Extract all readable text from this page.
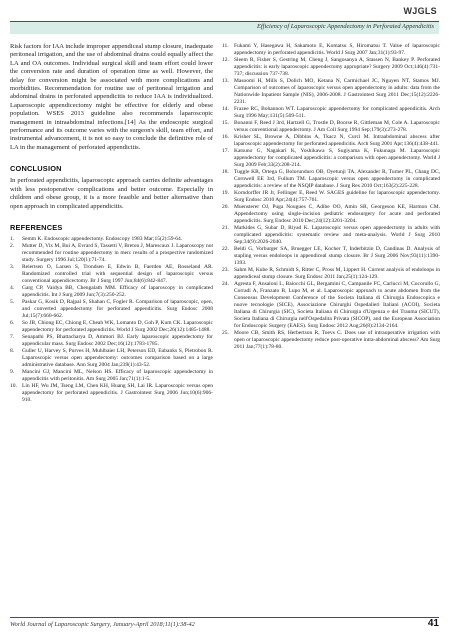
WJGLS
Efficiency of Laparoscopic Appendectomy in Perforated Appendicitis

Risk factors for IAA include improper appendiceal stump closure, inadequate peritoneal irrigation, and the use of abdominal drains could equally affect the LA and OA outcomes. Individual surgical skill and team effort could lower the conversion rate and duration of operation time as well. However, the delay for conversion might be associated with more complications and morbidities. Recommendation for routine use of peritoneal irrigation and abdominal drains in perforated appendicitis to reduce IAA is individualized. Laparoscopic appendicectomy might be effective for elderly and obese population. WSES 2013 guideline also recommends laparoscopic management in intraabdominal infections.[14] As the endoscopic surgical performance and its outcome varies with the surgeon's skill, team effort, and instrumental advancement, it is not so easy to conclude the definitive role of LA in the management of perforated appendicitis.

CONCLUSION

In perforated appendicitis, laparoscopic approach carries definite advantages with less postoperative complications and better outcome. Especially in children and obese group, it is a more feasible and better alternative than open approach in complicated appendicitis.

REFERENCES
1.	Semm K. Endoscopic appendectomy. Endoscopy 1983 Mar;15(2):59-64.
2.	Mutter D, Vix M, Bui A, Evrard S, Tassetti V, Breton J, Marescaux J. Laparoscopy not recommended for routine appendectomy in men: results of a prospective randomized study. Surgery 1996 Jul;120(1):71-74.
3.	Reiertsen O, Larsen S, Trondsen E, Edwin B, Faerden AE, Rosseland AR. Randomized controlled trial with sequential design of laparoscopic versus conventional appendicectomy. Br J Surg 1997 Jun;84(6):842-847.
4.	Garg CP, Vaidya BB, Chengalath MM. Efficacy of laparoscopy in complicated appendicitis. Int J Surg 2009 Jun;7(3):250-252.
5.	Paskar G, Kosik D, Rajpal S, Shahan C, Fogler R. Comparison of laparoscopic, open, and converted appendectomy for perforated appendicitis. Surg Endosc 2008 Jul;15(7):660-662.
6.	So JB, Chiong EC, Chiong E, Cheah WK, Lomanto D, Goh P, Kum CK. Laparoscopic appendectomy for perforated appendicitis. World J Surg 2002 Dec;26(12):1485-1488.
7.	Senapathi PS, Bhattacharya D, Ammori BJ. Early laparoscopic appendectomy for appendicular mass. Surg Endosc 2002 Dec;16(12):1783-1785.
8.	Guller U, Harvey S, Purves H, Muhlbaier LH, Peterson ED, Eubanks S, Pietrobon R. Laparoscopic versus open appendectomy: outcomes comparison based on a large administrative database. Ann Surg 2004 Jan;239(1):43-52.
9.	Mancini GJ, Mancini ML, Nelson HS. Efficacy of laparoscopic appendectomy in appendicitis with peritonitis. Am Surg 2005 Jan;71(1):1-5.
10. Lin HF, Wu JM, Tseng LM, Chen KH, Huang SH, Lai IR. Laparoscopic versus open appendectomy for perforated appendicitis. J Gastrointest Surg 2006 Jun;10(6):906-910.
11. Fukami Y, Hasegawa H, Sakamoto E, Komatsu S, Hiromatsu T. Value of laparoscopic appendectomy in perforated appendicitis. World J Surg 2007 Jan;31(1):93-97.
12. Sleem R, Fisher S, Gestring M, Cheng J, Sangosanya A, Stassen N, Bankey P. Perforated appendicitis: is early laparoscopic appendectomy appropriate? Surgery 2009 Oct;146(4):731-737; discussion 737-738.
13. Masoomi H, Mills S, Dolich MO, Ketana N, Carmichael JC, Nguyen NT, Stamos MJ. Comparison of outcomes of laparoscopic versus open appendectomy in adults: data from the Nationwide Inpatient Sample (NIS), 2006-2008. J Gastrointest Surg 2011 Dec;15(12):2226-2231.
14. Frazee RC, Bohannon WT. Laparoscopic appendectomy for complicated appendicitis. Arch Surg 1996 May;131(5):509-511.
15. Bonanni F, Reed J 3rd, Hartzell G, Trostle D, Boorse R, Gittleman M, Cole A. Laparoscopic versus conventional appendectomy. J Am Coll Surg 1994 Sep;179(3):273-278.
16. Krisher SL, Browne A, Dibbins A, Tkacz N, Curci M. Intraabdominal abscess after laparoscopic appendectomy for perforated appendicitis. Arch Surg 2001 Apr;136(4):438-441.
17. Katsuno G, Nagakari K, Yoshikawa S, Sugiyama K, Fukunaga M. Laparoscopic appendectomy for complicated appendicitis: a comparison with open appendectomy. World J Surg 2009 Feb;33(2):208-214.
18. Tuggle KR, Ortega G, Bolorunduro OB, Oyetunji TA, Alexander R, Turner PL, Chang DC, Cornwell EE 3rd, Fullum TM. Laparoscopic versus open appendectomy in complicated appendicitis: a review of the NSQIP database. J Surg Res 2010 Oct;163(2):225-228.
19. Korndorffer JR Jr, Fellinger E, Reed W. SAGES guideline for laparoscopic appendectomy. Surg Endosc 2010 Apr;24(4):757-761.
20. Muensterer OJ, Puga Nougues C, Adibe OO, Amin SR, Georgeson KE, Harmon CM. Appendectomy using single-incision pediatric endosurgery for acute and perforated appendicitis. Surg Endosc 2010 Dec;24(12):3201-3204.
21. Markides G, Subar D, Riyad K. Laparoscopic versus open appendectomy in adults with complicated appendicitis: systematic review and meta-analysis. World J Surg 2010 Sep;34(9):2026-2040.
22. Beldi G, Vorburger SA, Bruegger LE, Kocher T, Inderbitzin D, Candinas D. Analysis of stapling versus endoloops in appendiceal stump closure. Br J Surg 2006 Nov;93(11):1390-1393.
23. Sahm M, Kube R, Schmidt S, Ritter C, Pross M, Lippert H. Current analysis of endoloops in appendiceal stump closure. Surg Endosc 2011 Jan;25(1):124-129.
24. Agresta F, Ansaloni L, Baiocchi GL, Bergamini C, Campanile FC, Carlucci M, Cocorullo G, Corradi A, Franzato B, Lupo M, et al. Laparoscopic approach to acute abdomen from the Consensus Development Conference of the Societa Italiana di Chirurgia Endoscopica e nuove tecnologie (SICE), Associazione Chirurghi Ospedalieri Italiani (ACOI), Societa Italiana di Chirurgia (SIC), Societa Italiana di Chirurgia d'Urgenza e del Trauma (SICUT), Societa Italiana di Chirurgia nell'Ospedalita Privata (SICOP), and the European Association for Endoscopic Surgery (EAES). Surg Endosc 2012 Aug;26(8):2134-2164.
25. Moore CB, Smith RS, Herbertson R, Toevs C. Does use of intraoperative irrigation with open or laparoscopic appendectomy reduce post-operative intra-abdominal abscess? Am Surg 2011 Jan;77(1):78-80.
World Journal of Laparoscopic Surgery, January-April 2018;11(1):38-42	41
